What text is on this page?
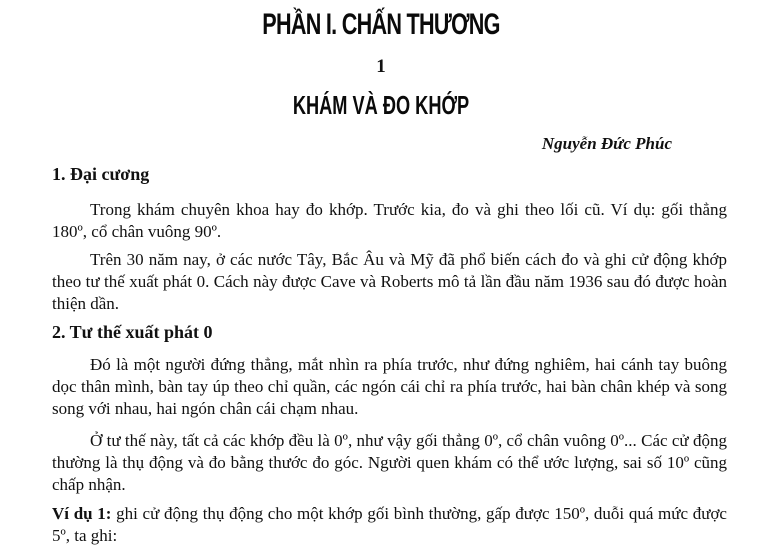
PHẦN I. CHẤN THƯƠNG
1
KHÁM VÀ ĐO KHỚP
Nguyễn Đức Phúc
1. Đại cương
Trong khám chuyên khoa hay đo khớp. Trước kia, đo và ghi theo lối cũ. Ví dụ: gối thẳng 180º, cổ chân vuông 90º.
Trên 30 năm nay, ở các nước Tây, Bắc Âu và Mỹ đã phổ biến cách đo và ghi cử động khớp theo tư thế xuất phát 0. Cách này được Cave và Roberts mô tả lần đầu năm 1936 sau đó được hoàn thiện dần.
2. Tư thế xuất phát 0
Đó là một người đứng thẳng, mắt nhìn ra phía trước, như đứng nghiêm, hai cánh tay buông dọc thân mình, bàn tay úp theo chỉ quần, các ngón cái chỉ ra phía trước, hai bàn chân khép và song song với nhau, hai ngón chân cái chạm nhau.
Ở tư thế này, tất cả các khớp đều là 0º, như vậy gối thẳng 0º, cổ chân vuông 0º... Các cử động thường là thụ động và đo bằng thước đo góc. Người quen khám có thể ước lượng, sai số 10º cũng chấp nhận.
Ví dụ 1: ghi cử động thụ động cho một khớp gối bình thường, gấp được 150º, duỗi quá mức được 5º, ta ghi:
